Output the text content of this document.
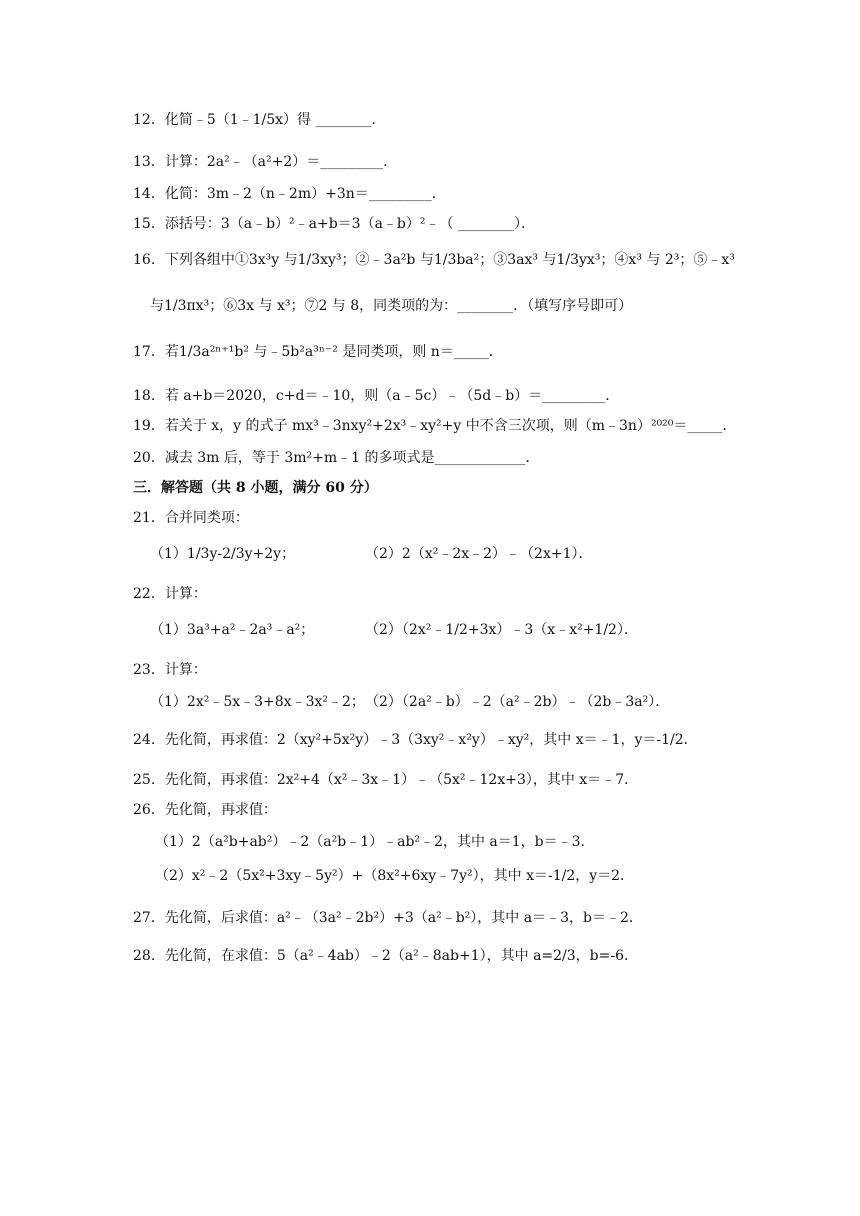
12．化简﹣5（1﹣1/5x）得 ________．
13．计算：2a²﹣（a²+2）＝_________．
14．化简：3m﹣2（n﹣2m）+3n＝_________．
15．添括号：3（a﹣b）²﹣a+b＝3（a﹣b）²﹣（ ________）．
16．下列各组中①3x³y 与1/3xy³；②﹣3a²b 与1/3ba²；③3ax³ 与1/3yx³；④x³ 与 2³；⑤﹣x³
与1/3πx³；⑥3x 与 x³；⑦2 与 8，同类项的为：________．（填写序号即可）
17．若1/3a²ⁿ⁺¹b² 与﹣5b²a³ⁿ⁻² 是同类项，则 n＝_____．
18．若 a+b＝2020，c+d＝﹣10，则（a﹣5c）﹣（5d﹣b）＝_________．
19．若关于 x，y 的式子 mx³﹣3nxy²+2x³﹣xy²+y 中不含三次项，则（m﹣3n）²⁰²⁰＝_____．
20．减去 3m 后，等于 3m²+m﹣1 的多项式是_____________．
三．解答题（共 8 小题，满分 60 分）
21．合并同类项：
（1）1/3y-2/3y+2y；	（2）2（x²﹣2x﹣2）﹣（2x+1）．
22．计算：
（1）3a³+a²﹣2a³﹣a²；	（2）（2x²﹣1/2+3x）﹣3（x﹣x²+1/2）．
23．计算：
（1）2x²﹣5x﹣3+8x﹣3x²﹣2； （2）（2a²﹣b）﹣2（a²﹣2b）﹣（2b﹣3a²）．
24．先化简，再求值：2（xy²+5x²y）﹣3（3xy²﹣x²y）﹣xy²，其中 x＝﹣1，y＝-1/2．
25．先化简，再求值：2x²+4（x²﹣3x﹣1）﹣（5x²﹣12x+3），其中 x＝﹣7．
26．先化简，再求值：
（1）2（a²b+ab²）﹣2（a²b﹣1）﹣ab²﹣2，其中 a＝1，b＝﹣3．
（2）x²﹣2（5x²+3xy﹣5y²）+（8x²+6xy﹣7y²），其中 x＝-1/2，y＝2．
27．先化简，后求值：a²﹣（3a²﹣2b²）+3（a²﹣b²），其中 a＝﹣3，b＝﹣2．
28．先化简，在求值：5（a²﹣4ab）﹣2（a²﹣8ab+1），其中 a=2/3，b=-6．
